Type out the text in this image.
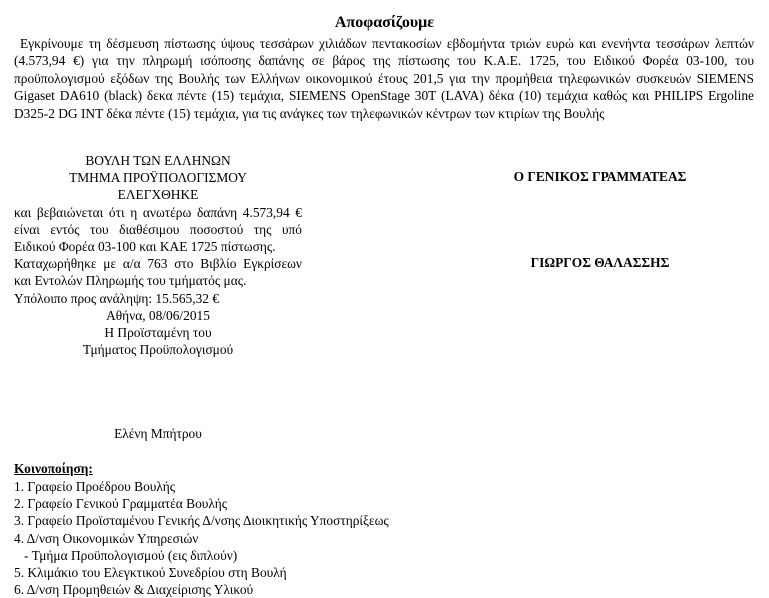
Αποφασίζουμε
Εγκρίνουμε τη δέσμευση πίστωσης ύψους τεσσάρων χιλιάδων πεντακοσίων εβδομήντα τριών ευρώ και ενενήντα τεσσάρων λεπτών (4.573,94 €) για την πληρωμή ισόποσης δαπάνης σε βάρος της πίστωσης του Κ.Α.Ε. 1725, του Ειδικού Φορέα 03-100, του προϋπολογισμού εξόδων της Βουλής των Ελλήνων οικονομικού έτους 201,5 για την προμήθεια τηλεφωνικών συσκευών SIEMENS Gigaset DA610 (black) δεκα πέντε (15) τεμάχια, SIEMENS OpenStage 30T (LAVA) δέκα (10) τεμάχια καθώς και PHILIPS Ergoline D325-2 DG INT δέκα πέντε (15) τεμάχια, για τις ανάγκες των τηλεφωνικών κέντρων των κτιρίων της Βουλής
ΒΟΥΛΗ ΤΩΝ ΕΛΛΗΝΩΝ
ΤΜΗΜΑ ΠΡΟΫΠΟΛΟΓΙΣΜΟΥ
ΕΛΕΓΧΘΗΚΕ
και βεβαιώνεται ότι η ανωτέρω δαπάνη 4.573,94 € είναι εντός του διαθέσιμου ποσοστού της υπό Ειδικού Φορέα 03-100 και ΚΑΕ 1725 πίστωσης.
Καταχωρήθηκε με α/α 763 στο Βιβλίο Εγκρίσεων και Εντολών Πληρωμής του τμήματός μας.
Υπόλοιπο προς ανάληψη: 15.565,32 €
Αθήνα, 08/06/2015
Η Προϊσταμένη του
Τμήματος Προϋπολογισμού
Ελένη Μπήτρου
Ο ΓΕΝΙΚΟΣ ΓΡΑΜΜΑΤΕΑΣ
ΓΙΩΡΓΟΣ ΘΑΛΑΣΣΗΣ
Κοινοποίηση:
1. Γραφείο Προέδρου Βουλής
2. Γραφείο Γενικού Γραμματέα Βουλής
3. Γραφείο Προϊσταμένου Γενικής Δ/νσης Διοικητικής Υποστηρίξεως
4. Δ/νση Οικονομικών Υπηρεσιών
- Τμήμα Προϋπολογισμού (εις διπλούν)
5. Κλιμάκιο του Ελεγκτικού Συνεδρίου στη Βουλή
6. Δ/νση Προμηθειών & Διαχείρισης Υλικού
